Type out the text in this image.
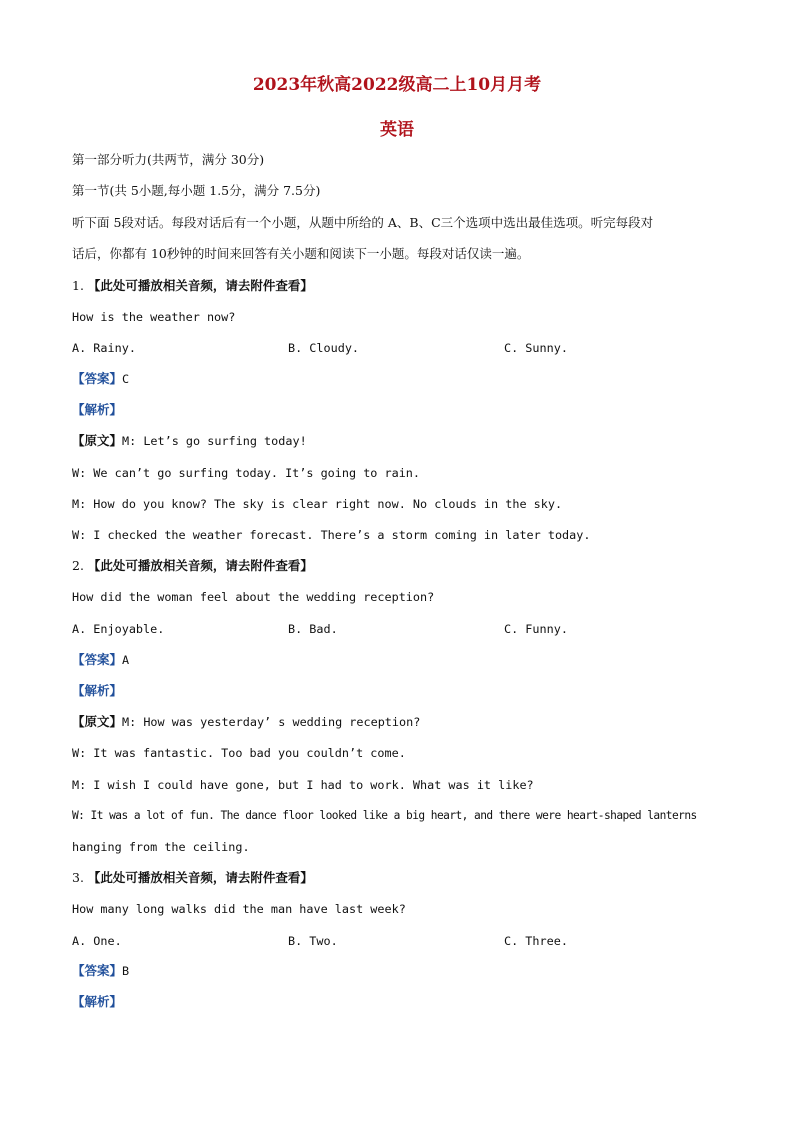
2023年秋高2022级高二上10月月考
英语
第一部分听力(共两节，满分 30分)
第一节(共 5小题,每小题 1.5分，满分 7.5分)
听下面 5段对话。每段对话后有一个小题，从题中所给的 A、B、C三个选项中选出最佳选项。听完每段对
话后，你都有 10秒钟的时间来回答有关小题和阅读下一小题。每段对话仅读一遍。
1. 【此处可播放相关音频，请去附件查看】
How is the weather now?
A. Rainy.	B. Cloudy.	C. Sunny.
【答案】C
【解析】
【原文】M: Let’s go surfing today!
W: We can’t go surfing today. It’s going to rain.
M: How do you know? The sky is clear right now. No clouds in the sky.
W: I checked the weather forecast. There’s a storm coming in later today.
2. 【此处可播放相关音频，请去附件查看】
How did the woman feel about the wedding reception?
A. Enjoyable.	B. Bad.	C. Funny.
【答案】A
【解析】
【原文】M: How was yesterday’ s wedding reception?
W: It was fantastic. Too bad you couldn’t come.
M: I wish I could have gone, but I had to work. What was it like?
W: It was a lot of fun. The dance floor looked like a big heart, and there were heart-shaped lanterns
hanging from the ceiling.
3. 【此处可播放相关音频，请去附件查看】
How many long walks did the man have last week?
A. One.	B. Two.	C. Three.
【答案】B
【解析】
